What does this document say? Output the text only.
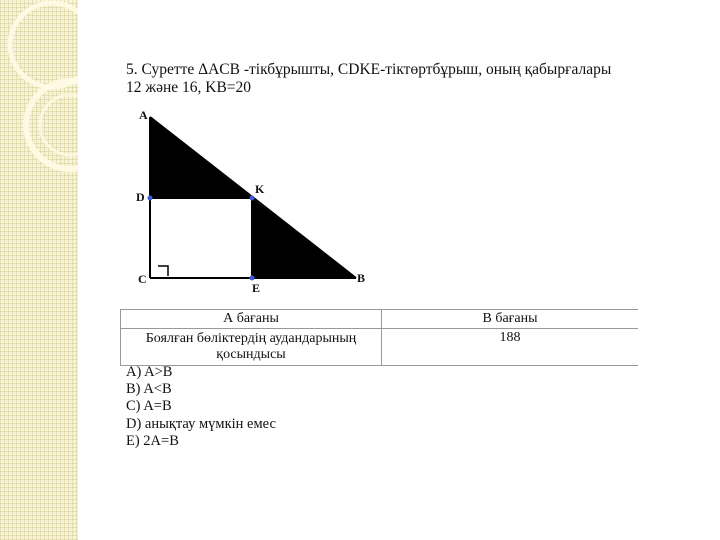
5. Суретте ΔACB -тікбұрышты, CDKE-тіктөртбұрыш, оның қабырғалары
12 және 16, KB=20
A
K
D
C
E
B
А бағаны	В бағаны
Боялған бөліктердің аудандарының қосындысы	188
A) A>B
B) A<B
C) A=B
D) анықтау мүмкін емес
E) 2A=B
